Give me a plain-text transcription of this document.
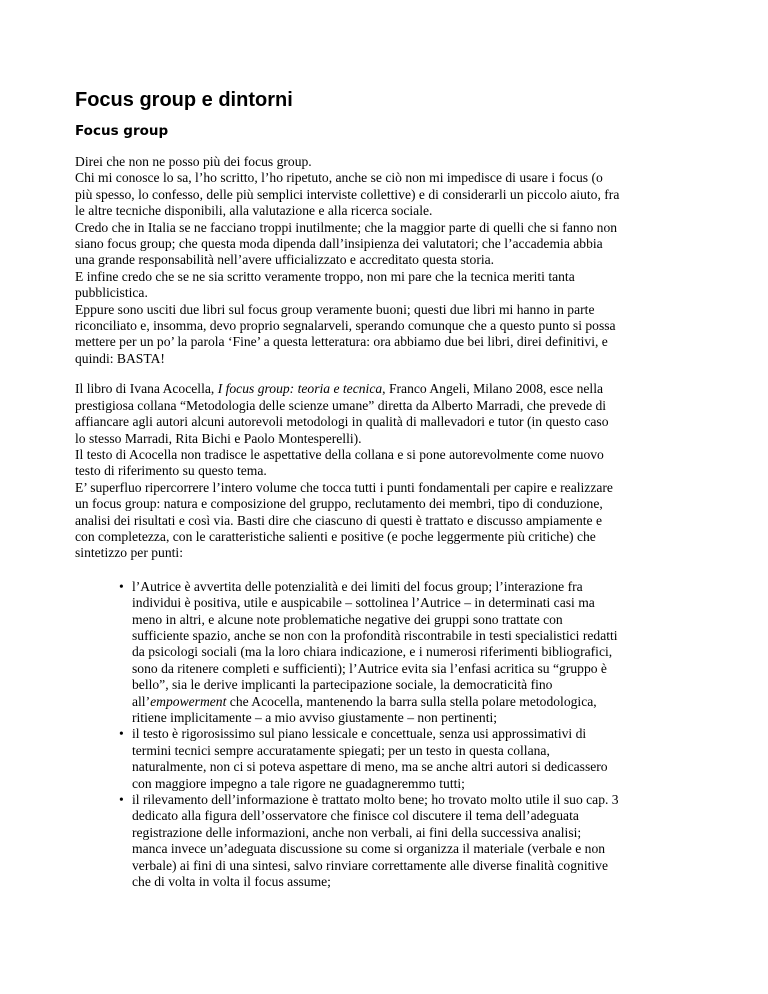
Focus group e dintorni
Focus group
Direi che non ne posso più dei focus group.
Chi mi conosce lo sa, l’ho scritto, l’ho ripetuto, anche se ciò non mi impedisce di usare i focus (o
più spesso, lo confesso, delle più semplici interviste collettive) e di considerarli un piccolo aiuto, fra
le altre tecniche disponibili, alla valutazione e alla ricerca sociale.
Credo che in Italia se ne facciano troppi inutilmente; che la maggior parte di quelli che si fanno non
siano focus group; che questa moda dipenda dall’insipienza dei valutatori; che l’accademia abbia
una grande responsabilità nell’avere ufficializzato e accreditato questa storia.
E infine credo che se ne sia scritto veramente troppo, non mi pare che la tecnica meriti tanta
pubblicistica.
Eppure sono usciti due libri sul focus group veramente buoni; questi due libri mi hanno in parte
riconciliato e, insomma, devo proprio segnalarveli, sperando comunque che a questo punto si possa
mettere per un po’ la parola ‘Fine’ a questa letteratura: ora abbiamo due bei libri, direi definitivi, e
quindi: BASTA!
Il libro di Ivana Acocella, I focus group: teoria e tecnica, Franco Angeli, Milano 2008, esce nella
prestigiosa collana “Metodologia delle scienze umane” diretta da Alberto Marradi, che prevede di
affiancare agli autori alcuni autorevoli metodologi in qualità di mallevadori e tutor (in questo caso
lo stesso Marradi, Rita Bichi e Paolo Montesperelli).
Il testo di Acocella non tradisce le aspettative della collana e si pone autorevolmente come nuovo
testo di riferimento su questo tema.
E’ superfluo ripercorrere l’intero volume che tocca tutti i punti fondamentali per capire e realizzare
un focus group: natura e composizione del gruppo, reclutamento dei membri, tipo di conduzione,
analisi dei risultati e così via. Basti dire che ciascuno di questi è trattato e discusso ampiamente e
con completezza, con le caratteristiche salienti e positive (e poche leggermente più critiche) che
sintetizzo per punti:
• l’Autrice è avvertita delle potenzialità e dei limiti del focus group; l’interazione fra
individui è positiva, utile e auspicabile – sottolinea l’Autrice – in determinati casi ma
meno in altri, e alcune note problematiche negative dei gruppi sono trattate con
sufficiente spazio, anche se non con la profondità riscontrabile in testi specialistici redatti
da psicologi sociali (ma la loro chiara indicazione, e i numerosi riferimenti bibliografici,
sono da ritenere completi e sufficienti); l’Autrice evita sia l’enfasi acritica su “gruppo è
bello”, sia le derive implicanti la partecipazione sociale, la democraticità fino
all’empowerment che Acocella, mantenendo la barra sulla stella polare metodologica,
ritiene implicitamente – a mio avviso giustamente – non pertinenti;
• il testo è rigorosissimo sul piano lessicale e concettuale, senza usi approssimativi di
termini tecnici sempre accuratamente spiegati; per un testo in questa collana,
naturalmente, non ci si poteva aspettare di meno, ma se anche altri autori si dedicassero
con maggiore impegno a tale rigore ne guadagneremmo tutti;
• il rilevamento dell’informazione è trattato molto bene; ho trovato molto utile il suo cap. 3
dedicato alla figura dell’osservatore che finisce col discutere il tema dell’adeguata
registrazione delle informazioni, anche non verbali, ai fini della successiva analisi;
manca invece un’adeguata discussione su come si organizza il materiale (verbale e non
verbale) ai fini di una sintesi, salvo rinviare correttamente alle diverse finalità cognitive
che di volta in volta il focus assume;
